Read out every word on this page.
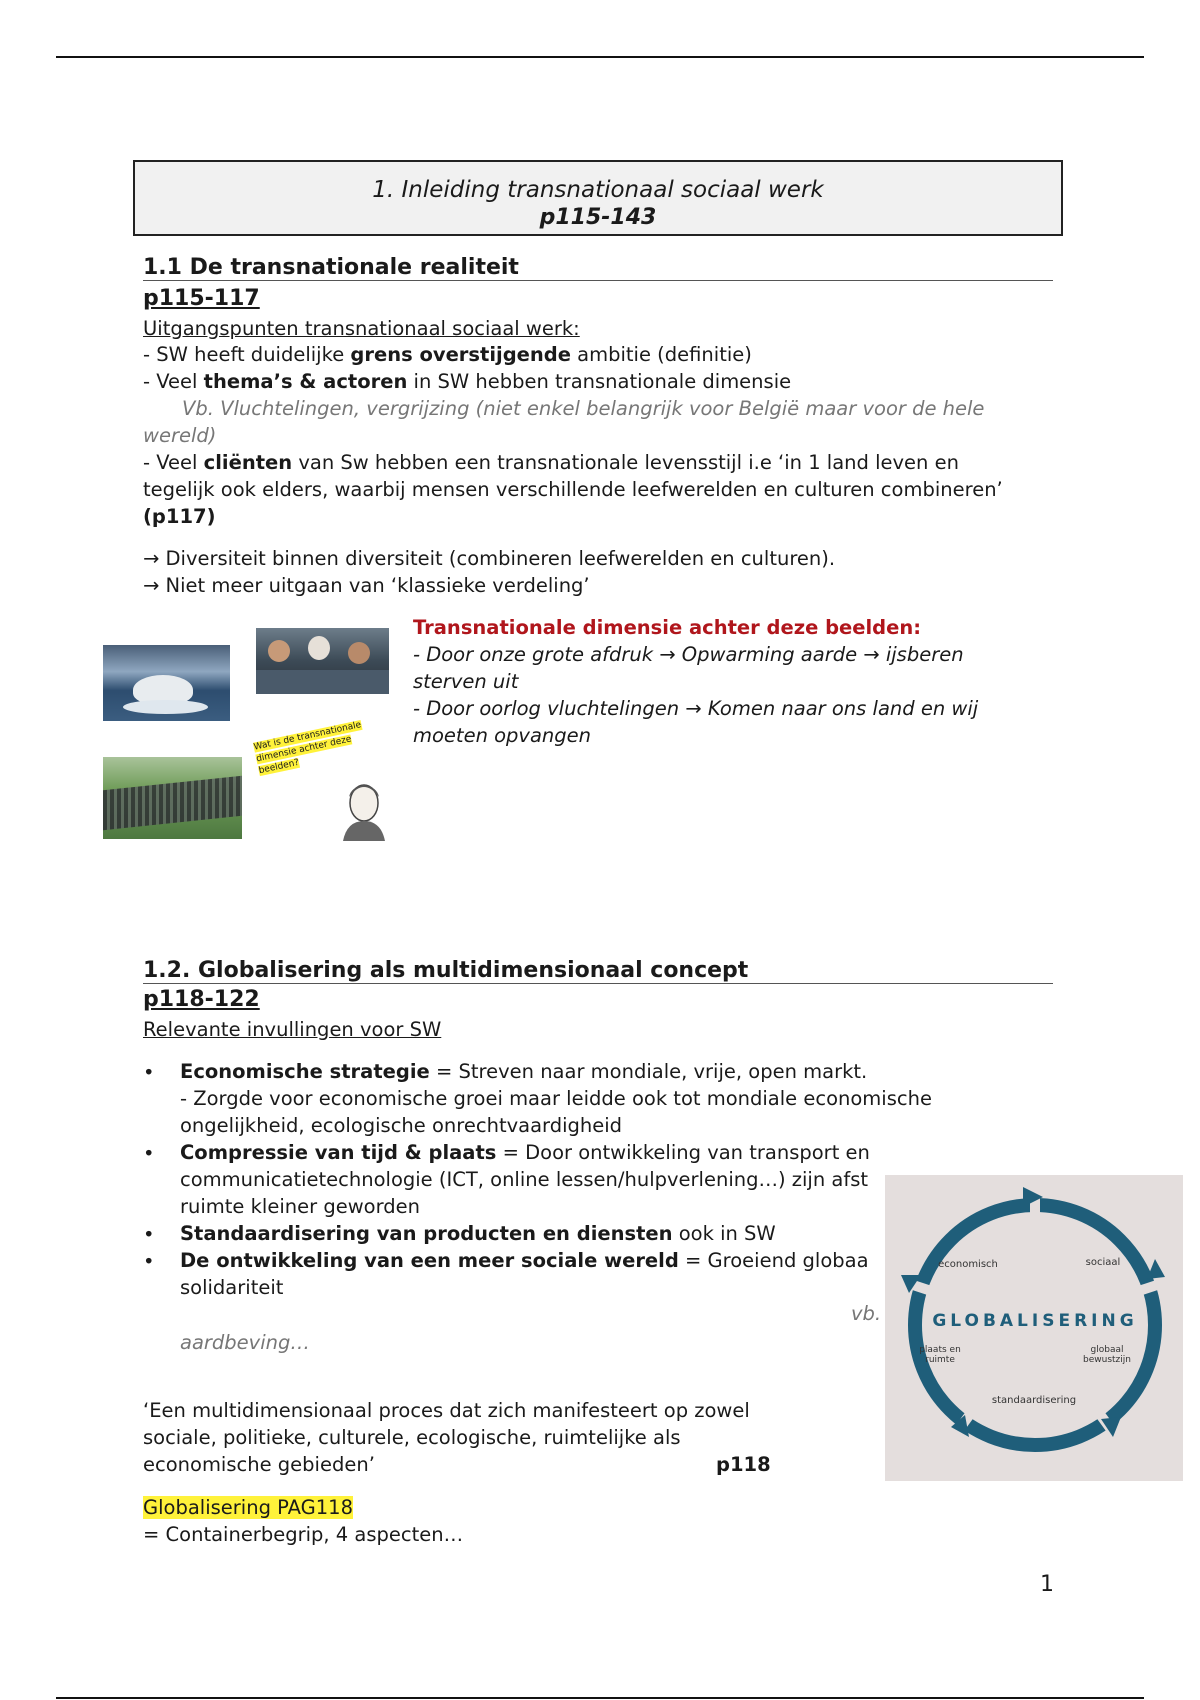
1. Inleiding transnationaal sociaal werk
p115-143
1.1 De transnationale realiteit
p115-117
Uitgangspunten transnationaal sociaal werk:
- SW heeft duidelijke grens overstijgende ambitie (definitie)
- Veel thema’s & actoren in SW hebben transnationale dimensie
Vb. Vluchtelingen, vergrijzing (niet enkel belangrijk voor België maar voor de hele
wereld)
- Veel cliënten van Sw hebben een transnationale levensstijl i.e ‘in 1 land leven en
tegelijk ook elders, waarbij mensen verschillende leefwerelden en culturen combineren’
(p117)
→ Diversiteit binnen diversiteit (combineren leefwerelden en culturen).
→ Niet meer uitgaan van ‘klassieke verdeling’
Wat is de transnationale dimensie achter deze beelden?
Transnationale dimensie achter deze beelden:
- Door onze grote afdruk → Opwarming aarde → ijsberen
sterven uit
- Door oorlog vluchtelingen → Komen naar ons land en wij
moeten opvangen
1.2. Globalisering als multidimensionaal concept
p118-122
Relevante invullingen voor SW
• Economische strategie = Streven naar mondiale, vrije, open markt.
- Zorgde voor economische groei maar leidde ook tot mondiale economische
ongelijkheid, ecologische onrechtvaardigheid
• Compressie van tijd & plaats = Door ontwikkeling van transport en
communicatietechnologie (ICT, online lessen/hulpverlening…) zijn afst
ruimte kleiner geworden
• Standaardisering van producten en diensten ook in SW
• De ontwikkeling van een meer sociale wereld = Groeiend globaa
solidariteit
vb.
aardbeving…
‘Een multidimensionaal proces dat zich manifesteert op zowel
sociale, politieke, culturele, ecologische, ruimtelijke als
economische gebieden’	p118
Globalisering PAG118
= Containerbegrip, 4 aspecten…
GLOBALISERING
economisch	sociaal
globaal bewustzijn
standaardisering
plaats en ruimte
1
